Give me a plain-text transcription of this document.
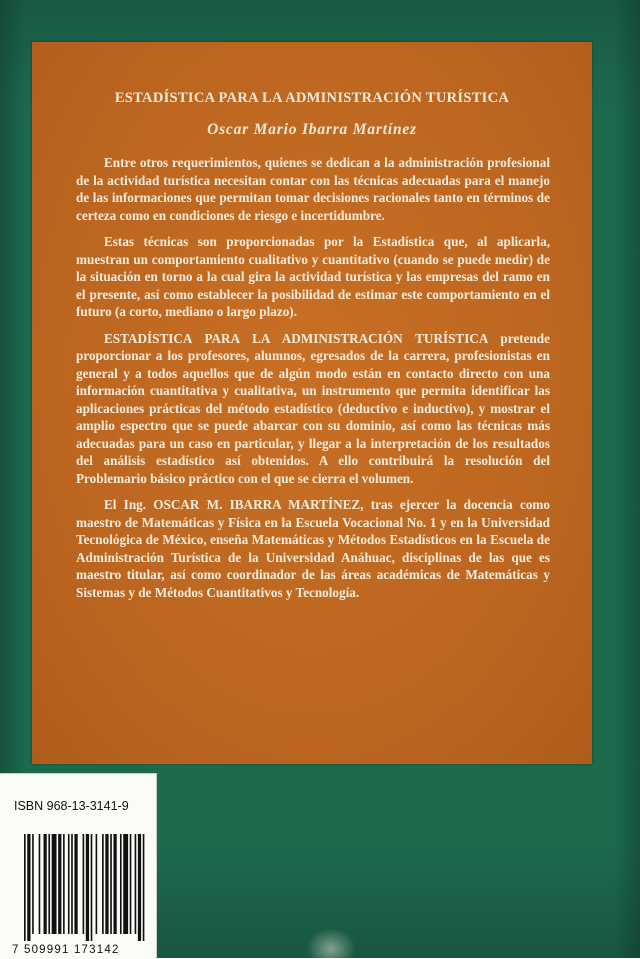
ESTADÍSTICA PARA LA ADMINISTRACIÓN TURÍSTICA
Oscar Mario Ibarra Martínez

Entre otros requerimientos, quienes se dedican a la administración profesional de la actividad turística necesitan contar con las técnicas adecuadas para el manejo de las informaciones que permitan tomar decisiones racionales tanto en términos de certeza como en condiciones de riesgo e incertidumbre.

Estas técnicas son proporcionadas por la Estadística que, al aplicarla, muestran un comportamiento cualitativo y cuantitativo (cuando se puede medir) de la situación en torno a la cual gira la actividad turística y las empresas del ramo en el presente, así como establecer la posibilidad de estimar este comportamiento en el futuro (a corto, mediano o largo plazo).

ESTADÍSTICA PARA LA ADMINISTRACIÓN TURÍSTICA pretende proporcionar a los profesores, alumnos, egresados de la carrera, profesionistas en general y a todos aquellos que de algún modo están en contacto directo con una información cuantitativa y cualitativa, un instrumento que permita identificar las aplicaciones prácticas del método estadístico (deductivo e inductivo), y mostrar el amplio espectro que se puede abarcar con su dominio, así como las técnicas más adecuadas para un caso en particular, y llegar a la interpretación de los resultados del análisis estadístico así obtenidos. A ello contribuirá la resolución del Problemario básico práctico con el que se cierra el volumen.

El Ing. OSCAR M. IBARRA MARTÍNEZ, tras ejercer la docencia como maestro de Matemáticas y Física en la Escuela Vocacional No. 1 y en la Universidad Tecnológica de México, enseña Matemáticas y Métodos Estadísticos en la Escuela de Administración Turística de la Universidad Anáhuac, disciplinas de las que es maestro titular, así como coordinador de las áreas académicas de Matemáticas y Sistemas y de Métodos Cuantitativos y Tecnología.

ISBN 968-13-3141-9
7 509991 173142
